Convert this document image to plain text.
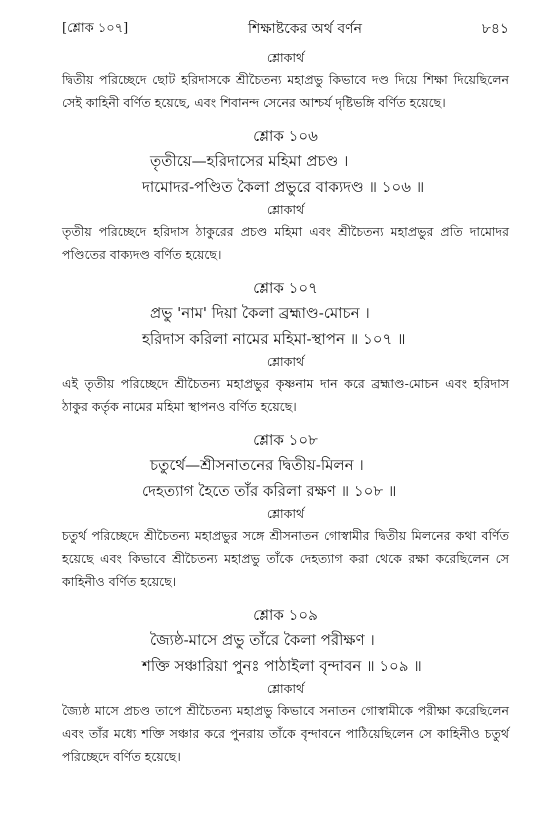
[শ্লোক ১০৭]	শিক্ষাষ্টকের অর্থ বর্ণন	৮৪১

শ্লোকার্থ

দ্বিতীয় পরিচ্ছেদে ছোট হরিদাসকে শ্রীচৈতন্য মহাপ্রভু কিভাবে দণ্ড দিয়ে শিক্ষা দিয়েছিলেন সেই কাহিনী বর্ণিত হয়েছে, এবং শিবানন্দ সেনের আশ্চর্য দৃষ্টিভঙ্গি বর্ণিত হয়েছে।

শ্লোক ১০৬

তৃতীয়ে—হরিদাসের মহিমা প্রচণ্ড ।

দামোদর-পণ্ডিত কৈলা প্রভুরে বাক্যদণ্ড ॥ ১০৬ ॥

শ্লোকার্থ

তৃতীয় পরিচ্ছেদে হরিদাস ঠাকুরের প্রচণ্ড মহিমা এবং শ্রীচৈতন্য মহাপ্রভুর প্রতি দামোদর পণ্ডিতের বাক্যদণ্ড বর্ণিত হয়েছে।

শ্লোক ১০৭

প্রভু 'নাম' দিয়া কৈলা ব্রহ্মাণ্ড-মোচন ।

হরিদাস করিলা নামের মহিমা-স্থাপন ॥ ১০৭ ॥

শ্লোকার্থ

এই তৃতীয় পরিচ্ছেদে শ্রীচৈতন্য মহাপ্রভুর কৃষ্ণনাম দান করে ব্রহ্মাণ্ড-মোচন এবং হরিদাস ঠাকুর কর্তৃক নামের মহিমা স্থাপনও বর্ণিত হয়েছে।

শ্লোক ১০৮

চতুর্থে—শ্রীসনাতনের দ্বিতীয়-মিলন ।

দেহত্যাগ হৈতে তাঁর করিলা রক্ষণ ॥ ১০৮ ॥

শ্লোকার্থ

চতুর্থ পরিচ্ছেদে শ্রীচৈতন্য মহাপ্রভুর সঙ্গে শ্রীসনাতন গোস্বামীর দ্বিতীয় মিলনের কথা বর্ণিত হয়েছে এবং কিভাবে শ্রীচৈতন্য মহাপ্রভু তাঁকে দেহত্যাগ করা থেকে রক্ষা করেছিলেন সে কাহিনীও বর্ণিত হয়েছে।

শ্লোক ১০৯

জ্যৈষ্ঠ-মাসে প্রভু তাঁরে কৈলা পরীক্ষণ ।

শক্তি সঞ্চারিয়া পুনঃ পাঠাইলা বৃন্দাবন ॥ ১০৯ ॥

শ্লোকার্থ

জ্যৈষ্ঠ মাসে প্রচণ্ড তাপে শ্রীচৈতন্য মহাপ্রভু কিভাবে সনাতন গোস্বামীকে পরীক্ষা করেছিলেন এবং তাঁর মধ্যে শক্তি সঞ্চার করে পুনরায় তাঁকে বৃন্দাবনে পাঠিয়েছিলেন সে কাহিনীও চতুর্থ পরিচ্ছেদে বর্ণিত হয়েছে।
